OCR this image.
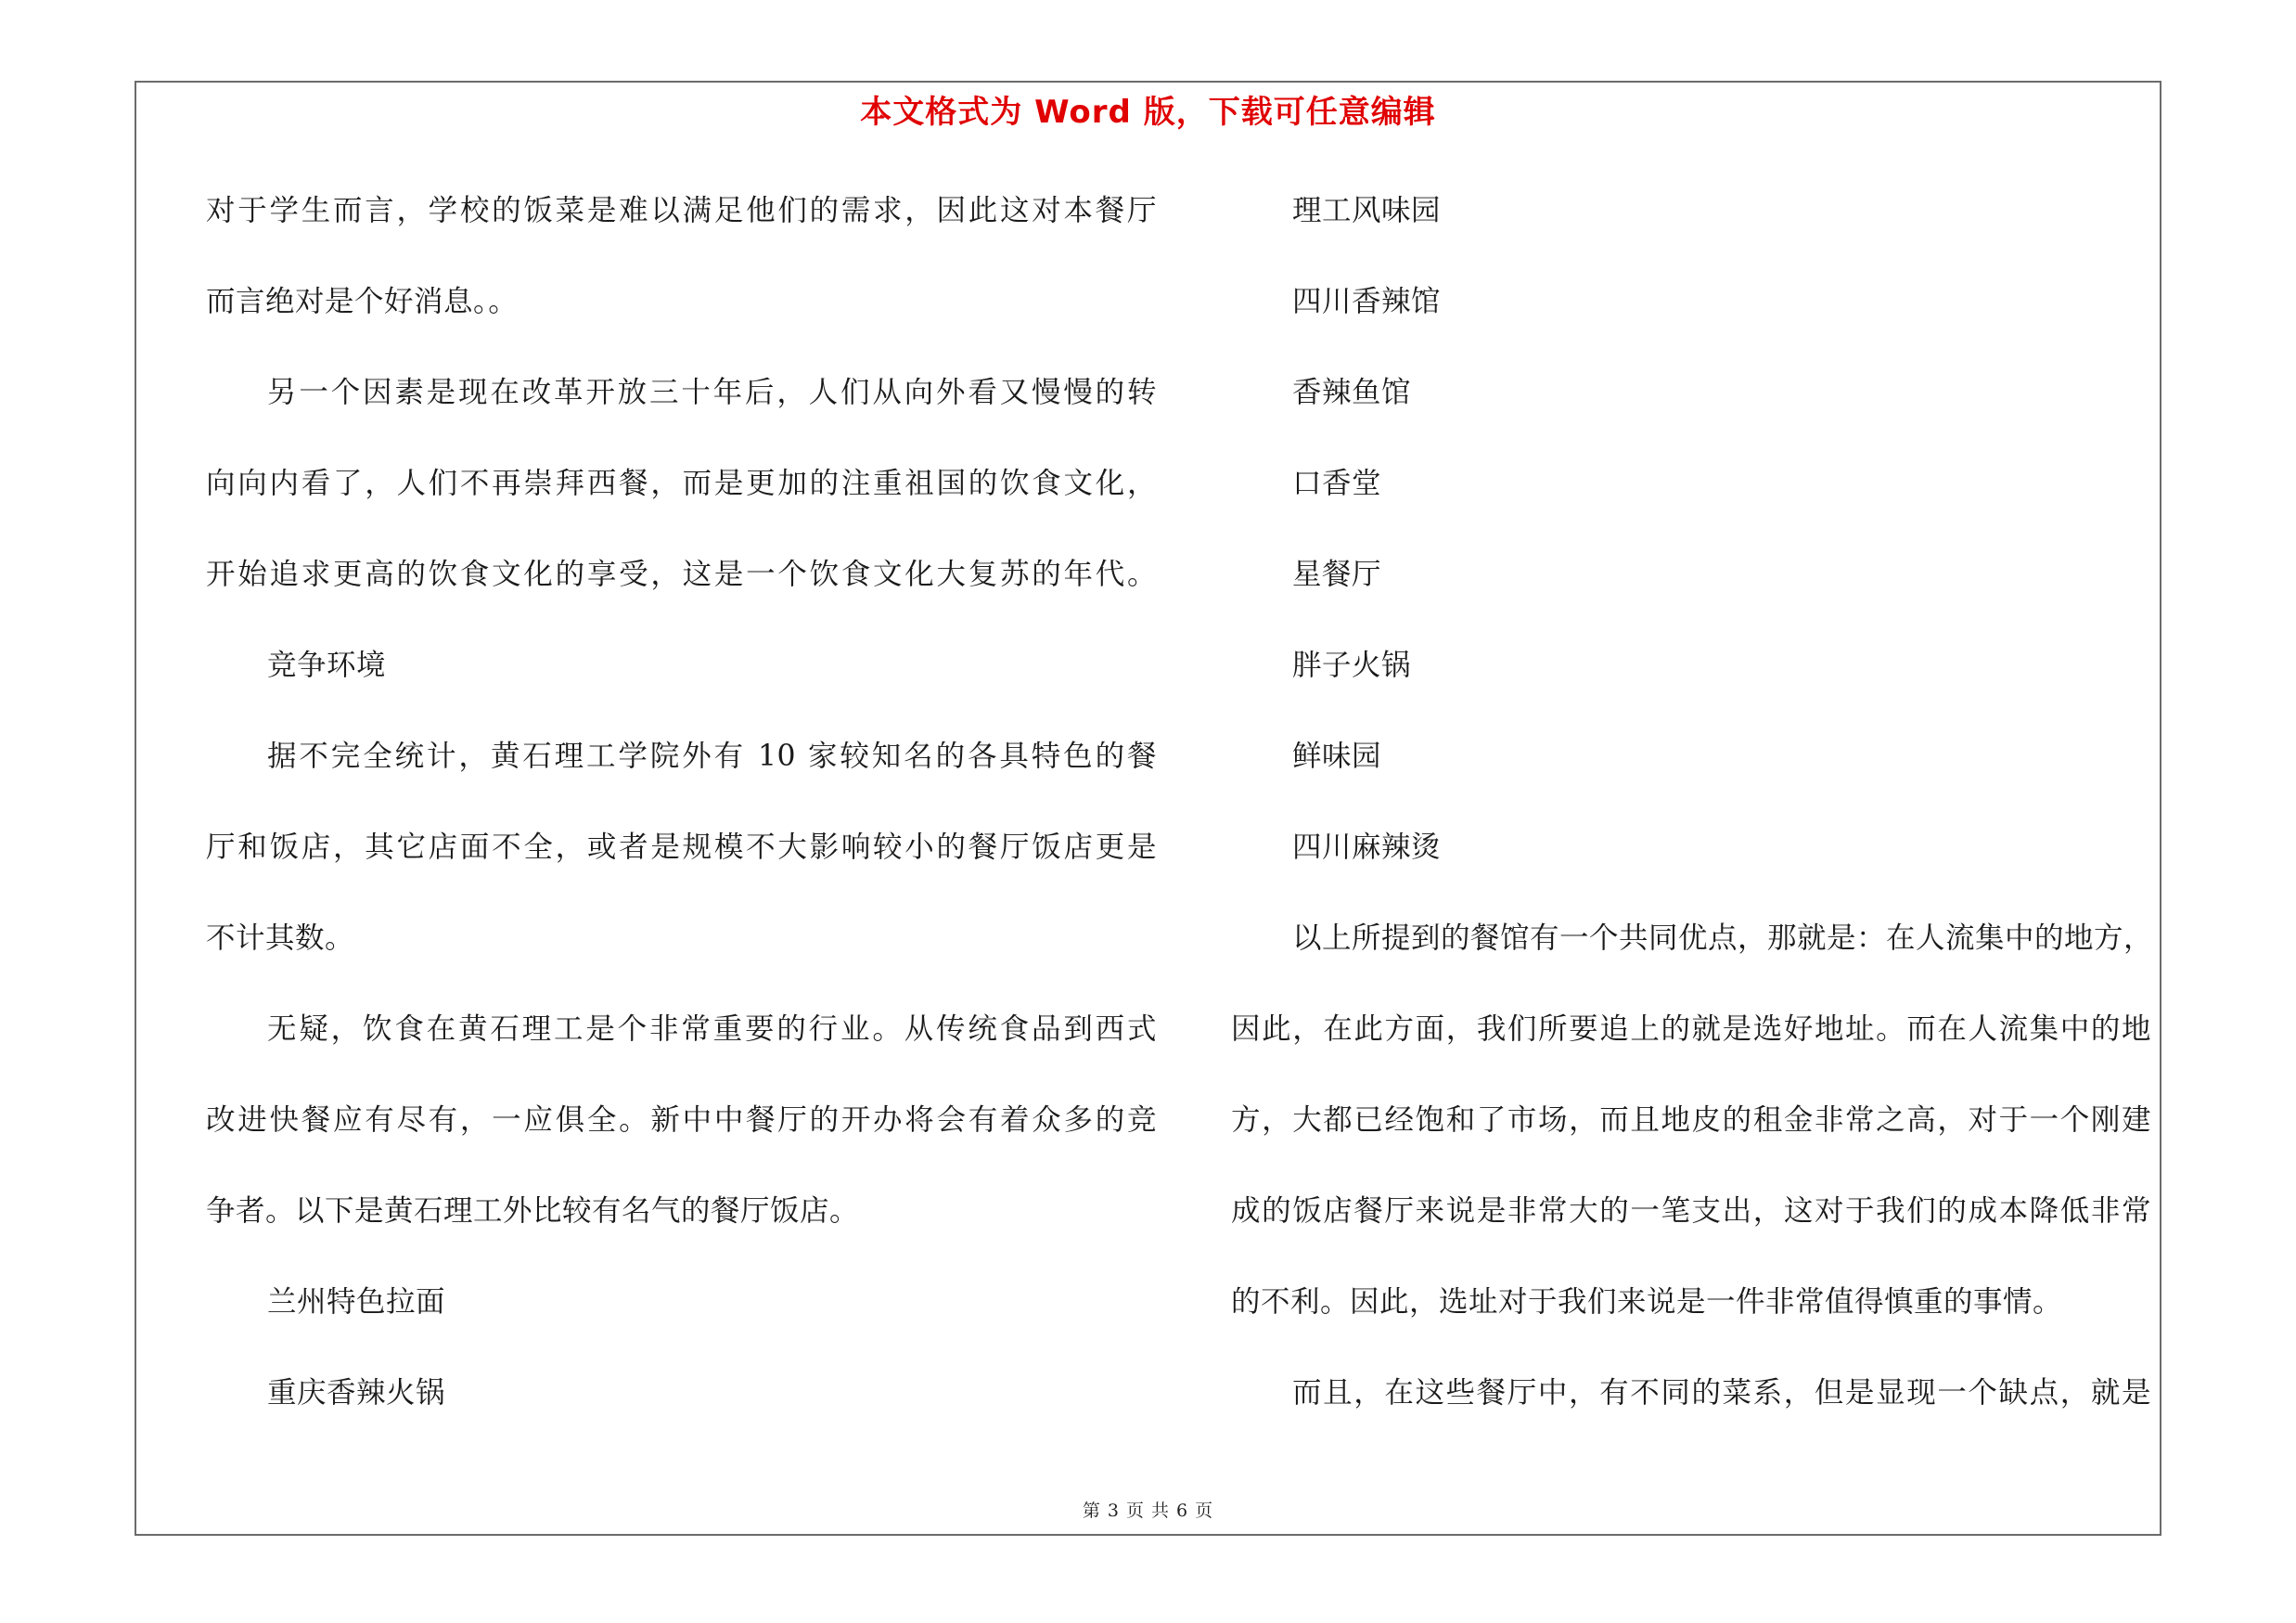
本文格式为 Word 版，下载可任意编辑
对于学生而言，学校的饭菜是难以满足他们的需求，因此这对本餐厅
而言绝对是个好消息。。
另一个因素是现在改革开放三十年后，人们从向外看又慢慢的转
向向内看了，人们不再崇拜西餐，而是更加的注重祖国的饮食文化，
开始追求更高的饮食文化的享受，这是一个饮食文化大复苏的年代。
竞争环境
据不完全统计，黄石理工学院外有 10 家较知名的各具特色的餐
厅和饭店，其它店面不全，或者是规模不大影响较小的餐厅饭店更是
不计其数。
无疑，饮食在黄石理工是个非常重要的行业。从传统食品到西式
改进快餐应有尽有，一应俱全。新中中餐厅的开办将会有着众多的竞
争者。以下是黄石理工外比较有名气的餐厅饭店。
兰州特色拉面
重庆香辣火锅
理工风味园
四川香辣馆
香辣鱼馆
口香堂
星餐厅
胖子火锅
鲜味园
四川麻辣烫
以上所提到的餐馆有一个共同优点，那就是：在人流集中的地方，
因此，在此方面，我们所要追上的就是选好地址。而在人流集中的地
方，大都已经饱和了市场，而且地皮的租金非常之高，对于一个刚建
成的饭店餐厅来说是非常大的一笔支出，这对于我们的成本降低非常
的不利。因此，选址对于我们来说是一件非常值得慎重的事情。
而且，在这些餐厅中，有不同的菜系，但是显现一个缺点，就是
第 3 页 共 6 页
